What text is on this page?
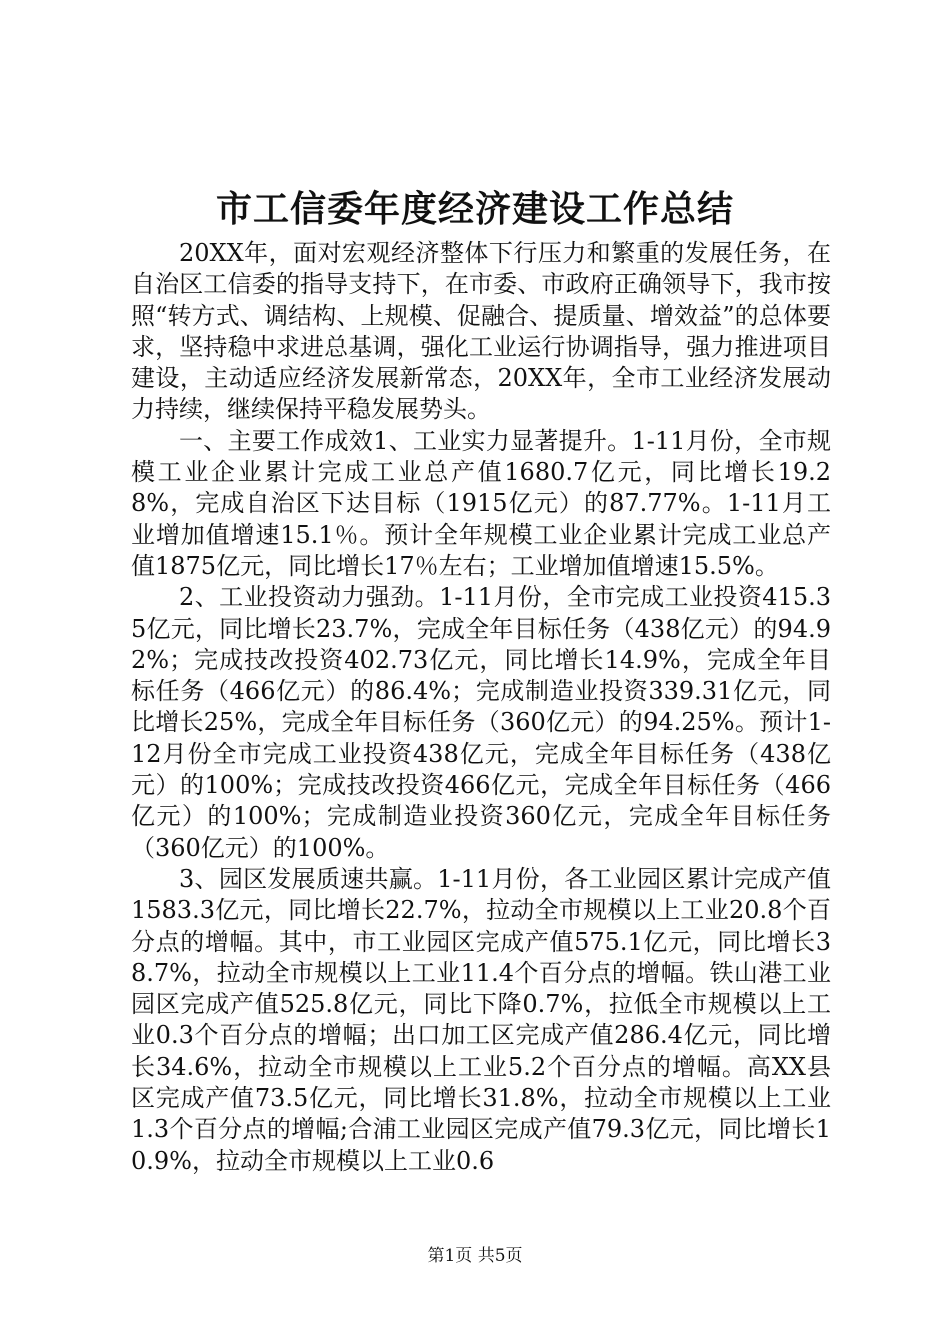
市工信委年度经济建设工作总结

20XX年，面对宏观经济整体下行压力和繁重的发展任务，在自治区工信委的指导支持下，在市委、市政府正确领导下，我市按照“转方式、调结构、上规模、促融合、提质量、增效益”的总体要求，坚持稳中求进总基调，强化工业运行协调指导，强力推进项目建设，主动适应经济发展新常态，20XX年，全市工业经济发展动力持续，继续保持平稳发展势头。

一、主要工作成效1、工业实力显著提升。1-11月份，全市规模工业企业累计完成工业总产值1680.7亿元，同比增长19.28%，完成自治区下达目标（1915亿元）的87.77%。1-11月工业增加值增速15.1％。预计全年规模工业企业累计完成工业总产值1875亿元，同比增长17％左右；工业增加值增速15.5%。

2、工业投资动力强劲。1-11月份，全市完成工业投资415.35亿元，同比增长23.7%，完成全年目标任务（438亿元）的94.92%；完成技改投资402.73亿元，同比增长14.9%，完成全年目标任务（466亿元）的86.4%；完成制造业投资339.31亿元，同比增长25%，完成全年目标任务（360亿元）的94.25%。预计1-12月份全市完成工业投资438亿元，完成全年目标任务（438亿元）的100%；完成技改投资466亿元，完成全年目标任务（466亿元）的100%；完成制造业投资360亿元，完成全年目标任务（360亿元）的100%。

3、园区发展质速共赢。1-11月份，各工业园区累计完成产值1583.3亿元，同比增长22.7%，拉动全市规模以上工业20.8个百分点的增幅。其中，市工业园区完成产值575.1亿元，同比增长38.7%，拉动全市规模以上工业11.4个百分点的增幅。铁山港工业园区完成产值525.8亿元，同比下降0.7%，拉低全市规模以上工业0.3个百分点的增幅；出口加工区完成产值286.4亿元，同比增长34.6%，拉动全市规模以上工业5.2个百分点的增幅。高XX县区完成产值73.5亿元，同比增长31.8%，拉动全市规模以上工业1.3个百分点的增幅;合浦工业园区完成产值79.3亿元，同比增长10.9%，拉动全市规模以上工业0.6

第1页 共5页
